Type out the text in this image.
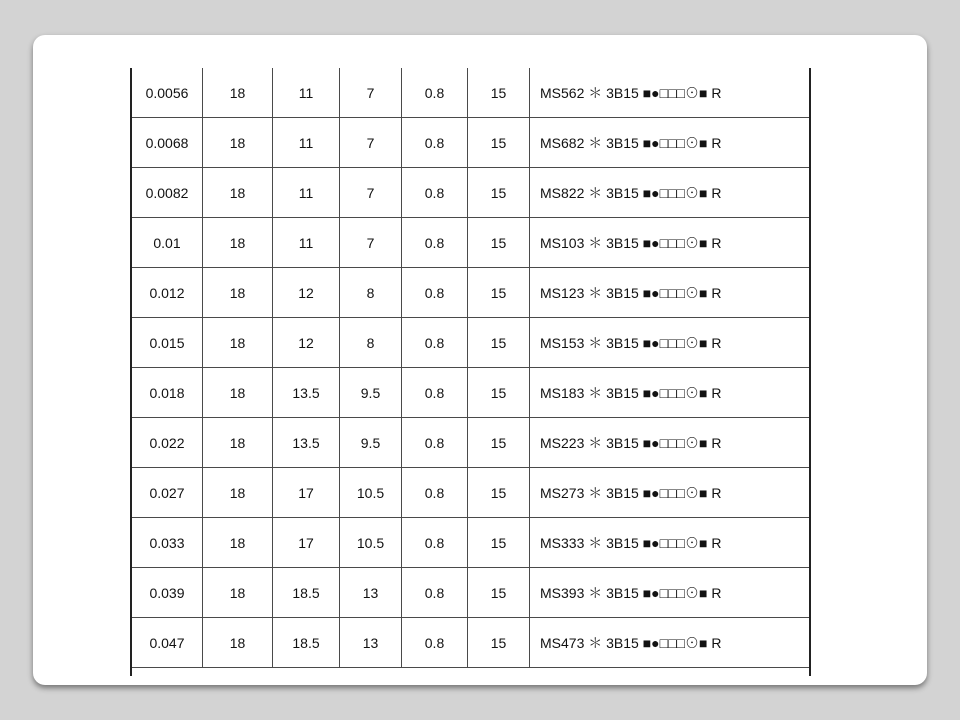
0.0056	18	11	7	0.8	15	MS562 ＊ 3B15 ■●□□□⊙■ R
0.0068	18	11	7	0.8	15	MS682 ＊ 3B15 ■●□□□⊙■ R
0.0082	18	11	7	0.8	15	MS822 ＊ 3B15 ■●□□□⊙■ R
0.01	18	11	7	0.8	15	MS103 ＊ 3B15 ■●□□□⊙■ R
0.012	18	12	8	0.8	15	MS123 ＊ 3B15 ■●□□□⊙■ R
0.015	18	12	8	0.8	15	MS153 ＊ 3B15 ■●□□□⊙■ R
0.018	18	13.5	9.5	0.8	15	MS183 ＊ 3B15 ■●□□□⊙■ R
0.022	18	13.5	9.5	0.8	15	MS223 ＊ 3B15 ■●□□□⊙■ R
0.027	18	17	10.5	0.8	15	MS273 ＊ 3B15 ■●□□□⊙■ R
0.033	18	17	10.5	0.8	15	MS333 ＊ 3B15 ■●□□□⊙■ R
0.039	18	18.5	13	0.8	15	MS393 ＊ 3B15 ■●□□□⊙■ R
0.047	18	18.5	13	0.8	15	MS473 ＊ 3B15 ■●□□□⊙■ R
